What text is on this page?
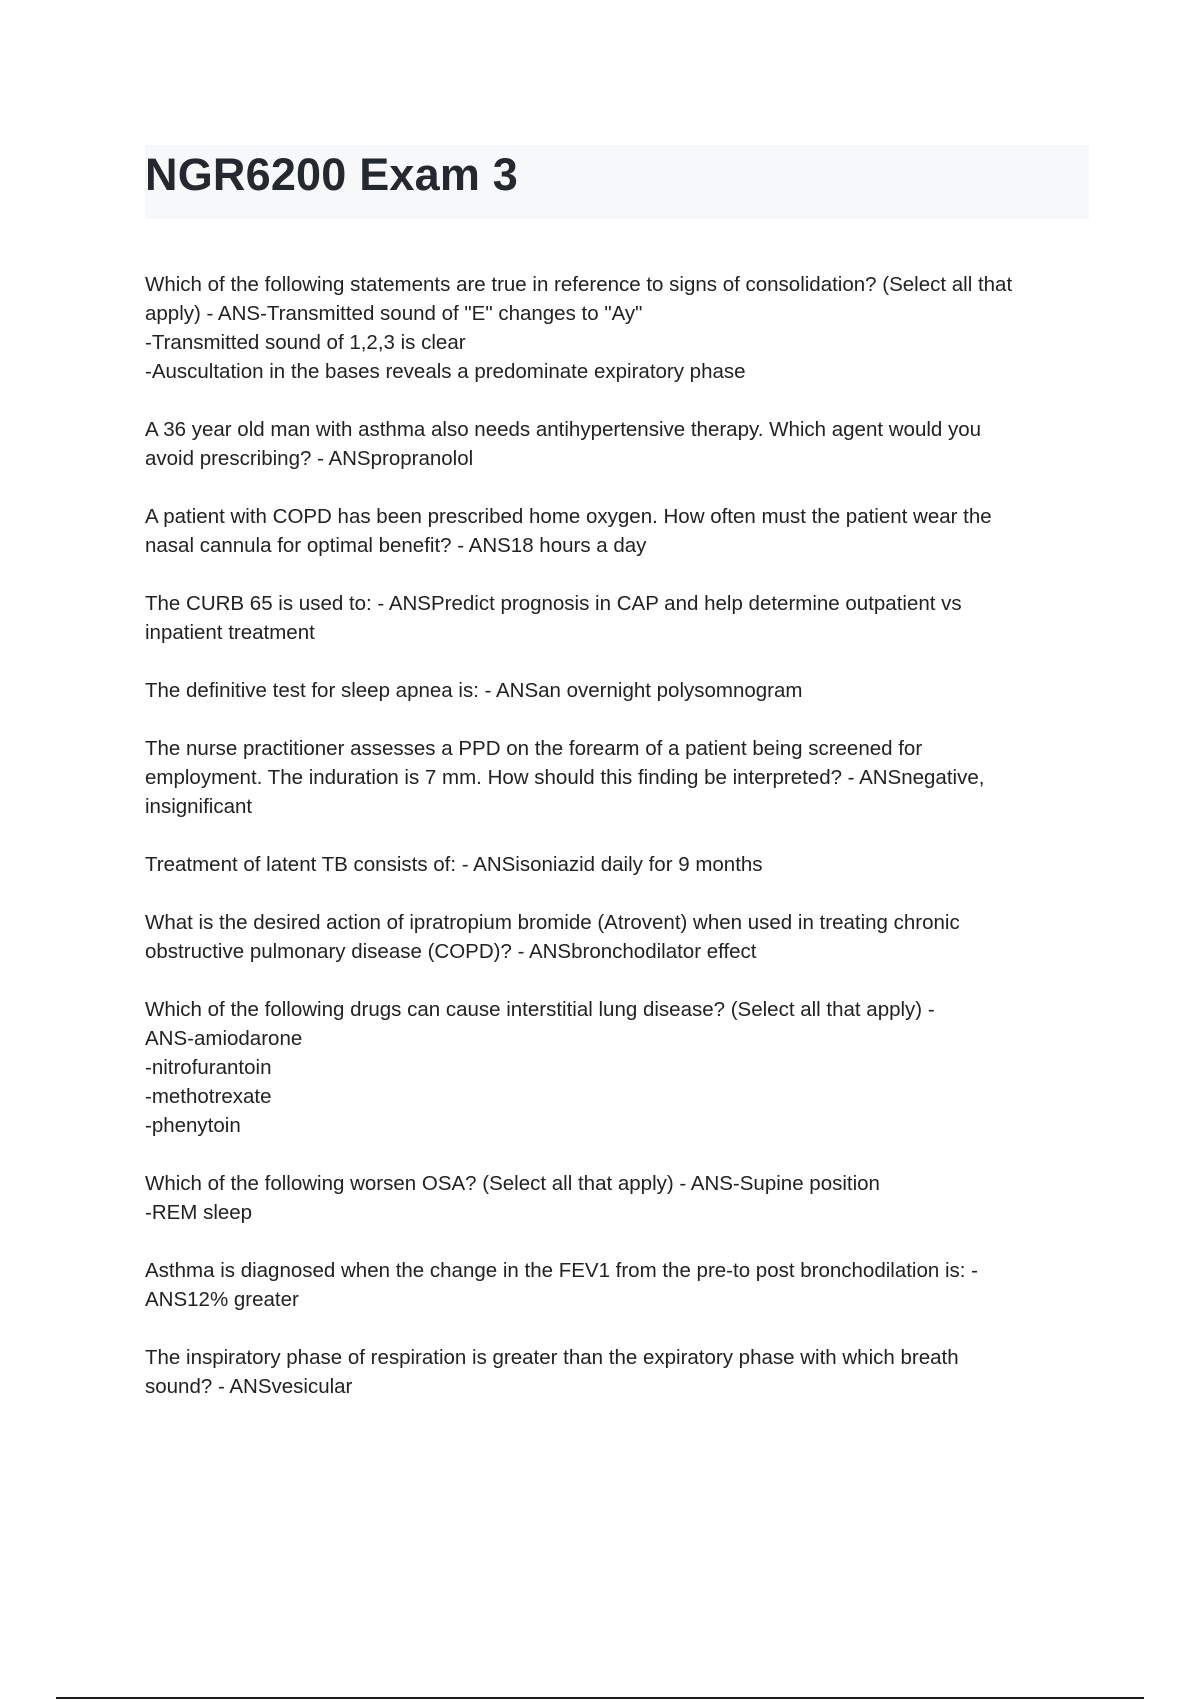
NGR6200 Exam 3

Which of the following statements are true in reference to signs of consolidation? (Select all that
apply) - ANS-Transmitted sound of "E" changes to "Ay"
-Transmitted sound of 1,2,3 is clear
-Auscultation in the bases reveals a predominate expiratory phase

A 36 year old man with asthma also needs antihypertensive therapy. Which agent would you
avoid prescribing? - ANSpropranolol

A patient with COPD has been prescribed home oxygen. How often must the patient wear the
nasal cannula for optimal benefit? - ANS18 hours a day

The CURB 65 is used to: - ANSPredict prognosis in CAP and help determine outpatient vs
inpatient treatment

The definitive test for sleep apnea is: - ANSan overnight polysomnogram

The nurse practitioner assesses a PPD on the forearm of a patient being screened for
employment. The induration is 7 mm. How should this finding be interpreted? - ANSnegative,
insignificant

Treatment of latent TB consists of: - ANSisoniazid daily for 9 months

What is the desired action of ipratropium bromide (Atrovent) when used in treating chronic
obstructive pulmonary disease (COPD)? - ANSbronchodilator effect

Which of the following drugs can cause interstitial lung disease? (Select all that apply) -
ANS-amiodarone
-nitrofurantoin
-methotrexate
-phenytoin

Which of the following worsen OSA? (Select all that apply) - ANS-Supine position
-REM sleep

Asthma is diagnosed when the change in the FEV1 from the pre-to post bronchodilation is: -
ANS12% greater

The inspiratory phase of respiration is greater than the expiratory phase with which breath
sound? - ANSvesicular
